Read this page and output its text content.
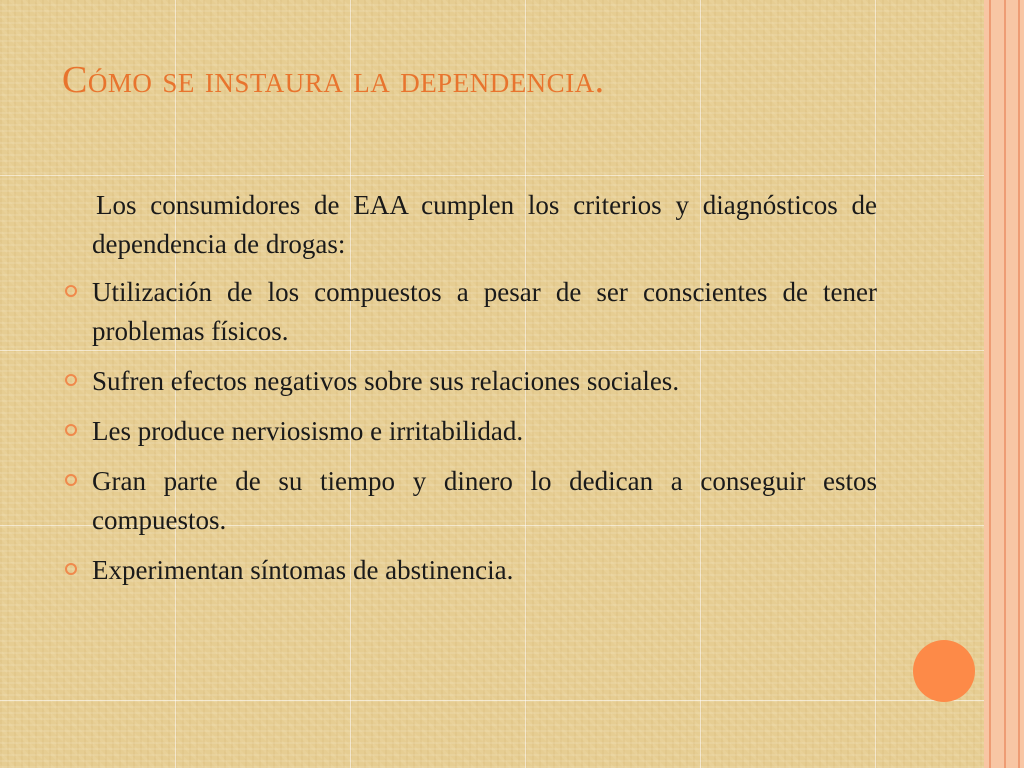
Cómo se instaura la dependencia.

Los consumidores de EAA cumplen los criterios y diagnósticos de dependencia de drogas:

Utilización de los compuestos a pesar de ser conscientes de tener problemas físicos.
Sufren efectos negativos sobre sus relaciones sociales.
Les produce nerviosismo e irritabilidad.
Gran parte de su tiempo y dinero lo dedican a conseguir estos compuestos.
Experimentan síntomas de abstinencia.
